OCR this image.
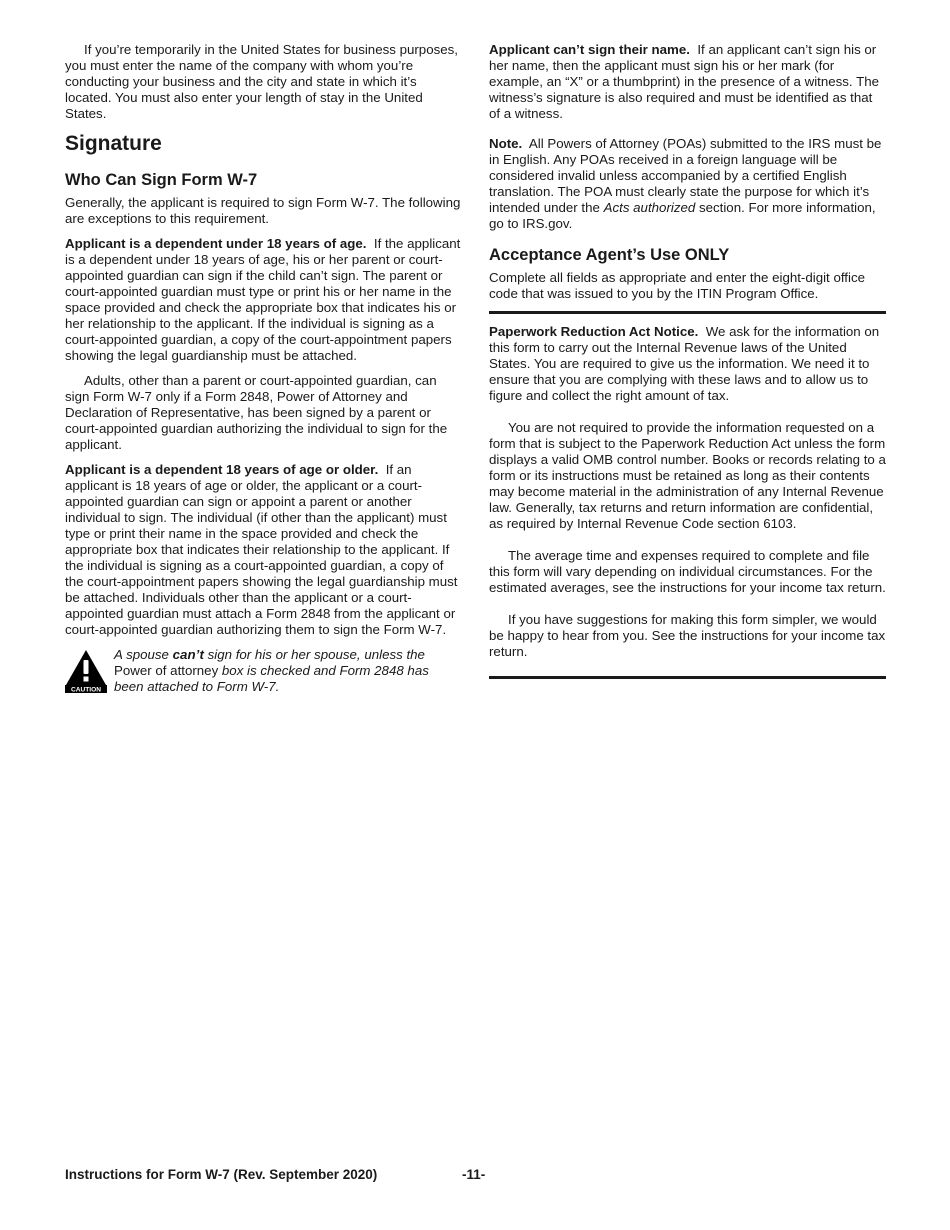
If you’re temporarily in the United States for business purposes, you must enter the name of the company with whom you’re conducting your business and the city and state in which it’s located. You must also enter your length of stay in the United States.

Signature
Who Can Sign Form W-7

Generally, the applicant is required to sign Form W-7. The following are exceptions to this requirement.

Applicant is a dependent under 18 years of age. If the applicant is a dependent under 18 years of age, his or her parent or court-appointed guardian can sign if the child can’t sign. The parent or court-appointed guardian must type or print his or her name in the space provided and check the appropriate box that indicates his or her relationship to the applicant. If the individual is signing as a court-appointed guardian, a copy of the court-appointment papers showing the legal guardianship must be attached.

Adults, other than a parent or court-appointed guardian, can sign Form W-7 only if a Form 2848, Power of Attorney and Declaration of Representative, has been signed by a parent or court-appointed guardian authorizing the individual to sign for the applicant.

Applicant is a dependent 18 years of age or older. If an applicant is 18 years of age or older, the applicant or a court-appointed guardian can sign or appoint a parent or another individual to sign. The individual (if other than the applicant) must type or print their name in the space provided and check the appropriate box that indicates their relationship to the applicant. If the individual is signing as a court-appointed guardian, a copy of the court-appointment papers showing the legal guardianship must be attached. Individuals other than the applicant or a court-appointed guardian must attach a Form 2848 from the applicant or court-appointed guardian authorizing them to sign the Form W-7.

CAUTION
A spouse can’t sign for his or her spouse, unless the Power of attorney box is checked and Form 2848 has been attached to Form W-7.

Applicant can’t sign their name. If an applicant can’t sign his or her name, then the applicant must sign his or her mark (for example, an “X” or a thumbprint) in the presence of a witness. The witness’s signature is also required and must be identified as that of a witness.

Note. All Powers of Attorney (POAs) submitted to the IRS must be in English. Any POAs received in a foreign language will be considered invalid unless accompanied by a certified English translation. The POA must clearly state the purpose for which it’s intended under the Acts authorized section. For more information, go to IRS.gov.

Acceptance Agent’s Use ONLY

Complete all fields as appropriate and enter the eight-digit office code that was issued to you by the ITIN Program Office.

Paperwork Reduction Act Notice. We ask for the information on this form to carry out the Internal Revenue laws of the United States. You are required to give us the information. We need it to ensure that you are complying with these laws and to allow us to figure and collect the right amount of tax.

You are not required to provide the information requested on a form that is subject to the Paperwork Reduction Act unless the form displays a valid OMB control number. Books or records relating to a form or its instructions must be retained as long as their contents may become material in the administration of any Internal Revenue law. Generally, tax returns and return information are confidential, as required by Internal Revenue Code section 6103.

The average time and expenses required to complete and file this form will vary depending on individual circumstances. For the estimated averages, see the instructions for your income tax return.

If you have suggestions for making this form simpler, we would be happy to hear from you. See the instructions for your income tax return.

Instructions for Form W-7 (Rev. September 2020)	-11-
